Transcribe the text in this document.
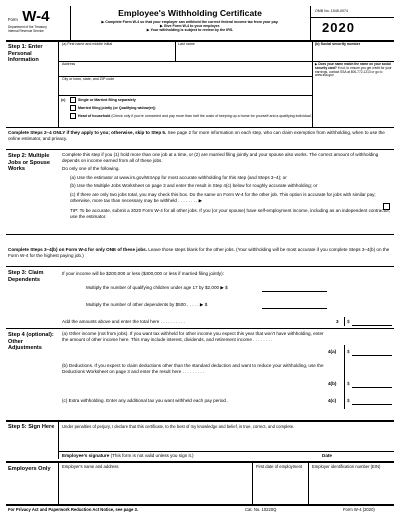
Form W-4
Department of the Treasury
Internal Revenue Service
Employee's Withholding Certificate
▶ Complete Form W-4 so that your employer can withhold the correct federal income tax from your pay.
▶ Give Form W-4 to your employer.
▶ Your withholding is subject to review by the IRS.
OMB No. 1545-0074
2020
Step 1: Enter Personal Information
(a) First name and middle initial	Last name	(b) Social security number
Address
City or town, state, and ZIP code
▶ Does your name match the name on your social security card? If not, to ensure you get credit for your earnings, contact SSA at 800-772-1213 or go to www.ssa.gov.
(c)	Single or Married filing separately
Married filing jointly (or Qualifying widow(er))
Head of household (Check only if you're unmarried and pay more than half the costs of keeping up a home for yourself and a qualifying individual.)
Complete Steps 2–4 ONLY if they apply to you; otherwise, skip to Step 5. See page 2 for more information on each step, who can claim exemption from withholding, when to use the online estimator, and privacy.
Step 2: Multiple Jobs or Spouse Works
Complete this step if you (1) hold more than one job at a time, or (2) are married filing jointly and your spouse also works. The correct amount of withholding depends on income earned from all of these jobs.
Do only one of the following.
(a) Use the estimator at www.irs.gov/W4App for most accurate withholding for this step (and Steps 3–4); or
(b) Use the Multiple Jobs Worksheet on page 3 and enter the result in Step 4(c) below for roughly accurate withholding; or
(c) If there are only two jobs total, you may check this box. Do the same on Form W-4 for the other job. This option is accurate for jobs with similar pay; otherwise, more tax than necessary may be withheld . . . . . . . . ▶
TIP: To be accurate, submit a 2020 Form W-4 for all other jobs. If you (or your spouse) have self-employment income, including as an independent contractor, use the estimator.
Complete Steps 3–4(b) on Form W-4 for only ONE of these jobs. Leave those steps blank for the other jobs. (Your withholding will be most accurate if you complete Steps 3–4(b) on the Form W-4 for the highest paying job.)
Step 3: Claim Dependents
If your income will be $200,000 or less ($400,000 or less if married filing jointly):
Multiply the number of qualifying children under age 17 by $2,000 ▶ $
Multiply the number of other dependents by $500 . . . . . ▶ $
Add the amounts above and enter the total here . . . . . . . . . .	3 $
Step 4 (optional): Other Adjustments
(a) Other income (not from jobs). If you want tax withheld for other income you expect this year that won't have withholding, enter the amount of other income here. This may include interest, dividends, and retirement income . . . . . . . .
4(a) $
(b) Deductions. If you expect to claim deductions other than the standard deduction and want to reduce your withholding, use the Deductions Worksheet on page 3 and enter the result here . . . . . . . . .
4(b) $
(c) Extra withholding. Enter any additional tax you want withheld each pay period .	4(c) $
Step 5: Sign Here	Under penalties of perjury, I declare that this certificate, to the best of my knowledge and belief, is true, correct, and complete.
Employee's signature (This form is not valid unless you sign it.)	Date
Employers Only	Employer's name and address	First date of employment	Employer identification number (EIN)
For Privacy Act and Paperwork Reduction Act Notice, see page 3.	Cat. No. 10220Q	Form W-4 (2020)
